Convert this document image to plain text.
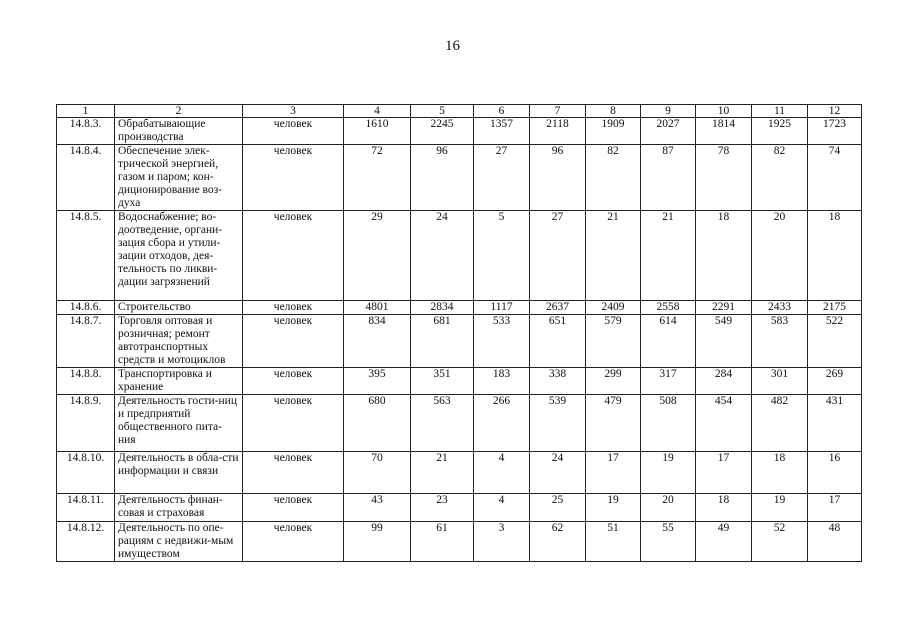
16
1	2	3	4	5	6	7	8	9	10	11	12
14.8.3.	Обрабатывающие производства	человек	1610	2245	1357	2118	1909	2027	1814	1925	1723
14.8.4.	Обеспечение элек-трической энергией, газом и паром; кон-диционирование воз-духа	человек	72	96	27	96	82	87	78	82	74
14.8.5.	Водоснабжение; во-доотведение, органи-зация сбора и утили-зации отходов, дея-тельность по ликви-дации загрязнений	человек	29	24	5	27	21	21	18	20	18
14.8.6.	Строительство	человек	4801	2834	1117	2637	2409	2558	2291	2433	2175
14.8.7.	Торговля оптовая и розничная; ремонт автотранспортных средств и мотоциклов	человек	834	681	533	651	579	614	549	583	522
14.8.8.	Транспортировка и хранение	человек	395	351	183	338	299	317	284	301	269
14.8.9.	Деятельность гости-ниц и предприятий общественного пита-ния	человек	680	563	266	539	479	508	454	482	431
14.8.10.	Деятельность в обла-сти информации и связи	человек	70	21	4	24	17	19	17	18	16
14.8.11.	Деятельность финан-совая и страховая	человек	43	23	4	25	19	20	18	19	17
14.8.12.	Деятельность по опе-рациям с недвижи-мым имуществом	человек	99	61	3	62	51	55	49	52	48
